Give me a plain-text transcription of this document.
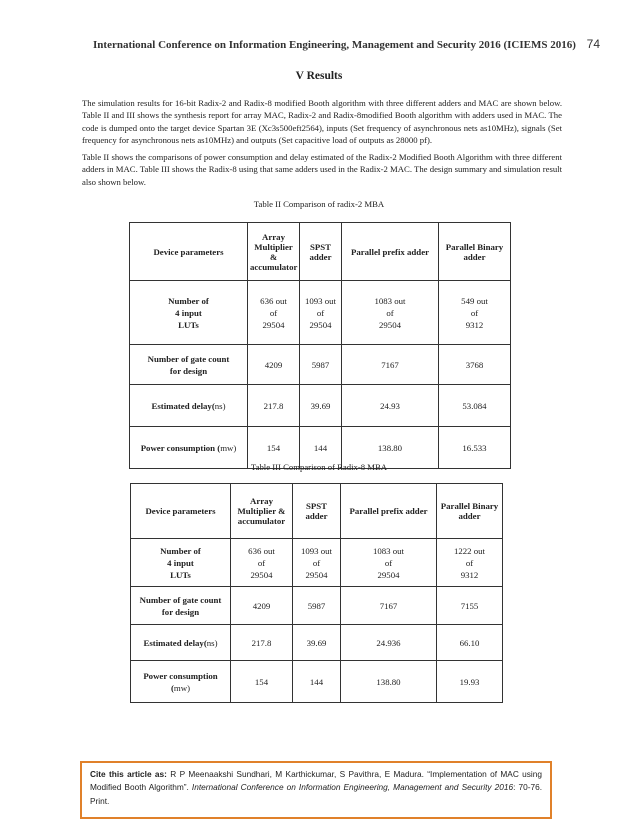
International Conference on Information Engineering, Management and Security 2016 (ICIEMS 2016) 74
V Results

The simulation results for 16-bit Radix-2 and Radix-8 modified Booth algorithm with three different adders and MAC are shown below. Table II and III shows the synthesis report for array MAC, Radix-2 and Radix-8modified Booth algorithm with adders used in MAC. The code is dumped onto the target device Spartan 3E (Xc3s500eft2564), inputs (Set frequency of asynchronous nets as10MHz), signals (Set frequency for asynchronous nets as10MHz) and outputs (Set capacitive load of outputs as 28000 pf).

Table II shows the comparisons of power consumption and delay estimated of the Radix-2 Modified Booth Algorithm with three different adders in MAC. Table III shows the Radix-8 using that same adders used in the Radix-2 MAC. The design summary and simulation result also shown below.

Table II Comparison of radix-2 MBA
Device parameters	Array Multiplier & accumulator	SPST adder	Parallel prefix adder	Parallel Binary adder

Number of
4 input
LUTs	636 out
of
29504	1093 out
of
29504	1083 out
of
29504	549 out
of
9312

Number of gate count
for design	4209	5987	7167	3768
Estimated delay(ns)	217.8	39.69	24.93	53.084
Power consumption (mw)	154	144	138.80	16.533
Table III Comparison of Radix-8 MBA
Device parameters	Array Multiplier & accumulator	SPST adder	Parallel prefix adder	Parallel Binary adder

Number of
4 input
LUTs	636 out
of
29504	1093 out
of
29504	1083 out
of
29504	1222 out
of
9312

Number of gate count
for design	4209	5987	7167	7155
Estimated delay(ns)	217.8	39.69	24.936	66.10

Power consumption
(mw)	154	144	138.80	19.93
Cite this article as: R P Meenaakshi Sundhari, M Karthickumar, S Pavithra, E Madura. “Implementation of MAC using Modified Booth Algorithm”. International Conference on Information Engineering, Management and Security 2016: 70-76. Print.
